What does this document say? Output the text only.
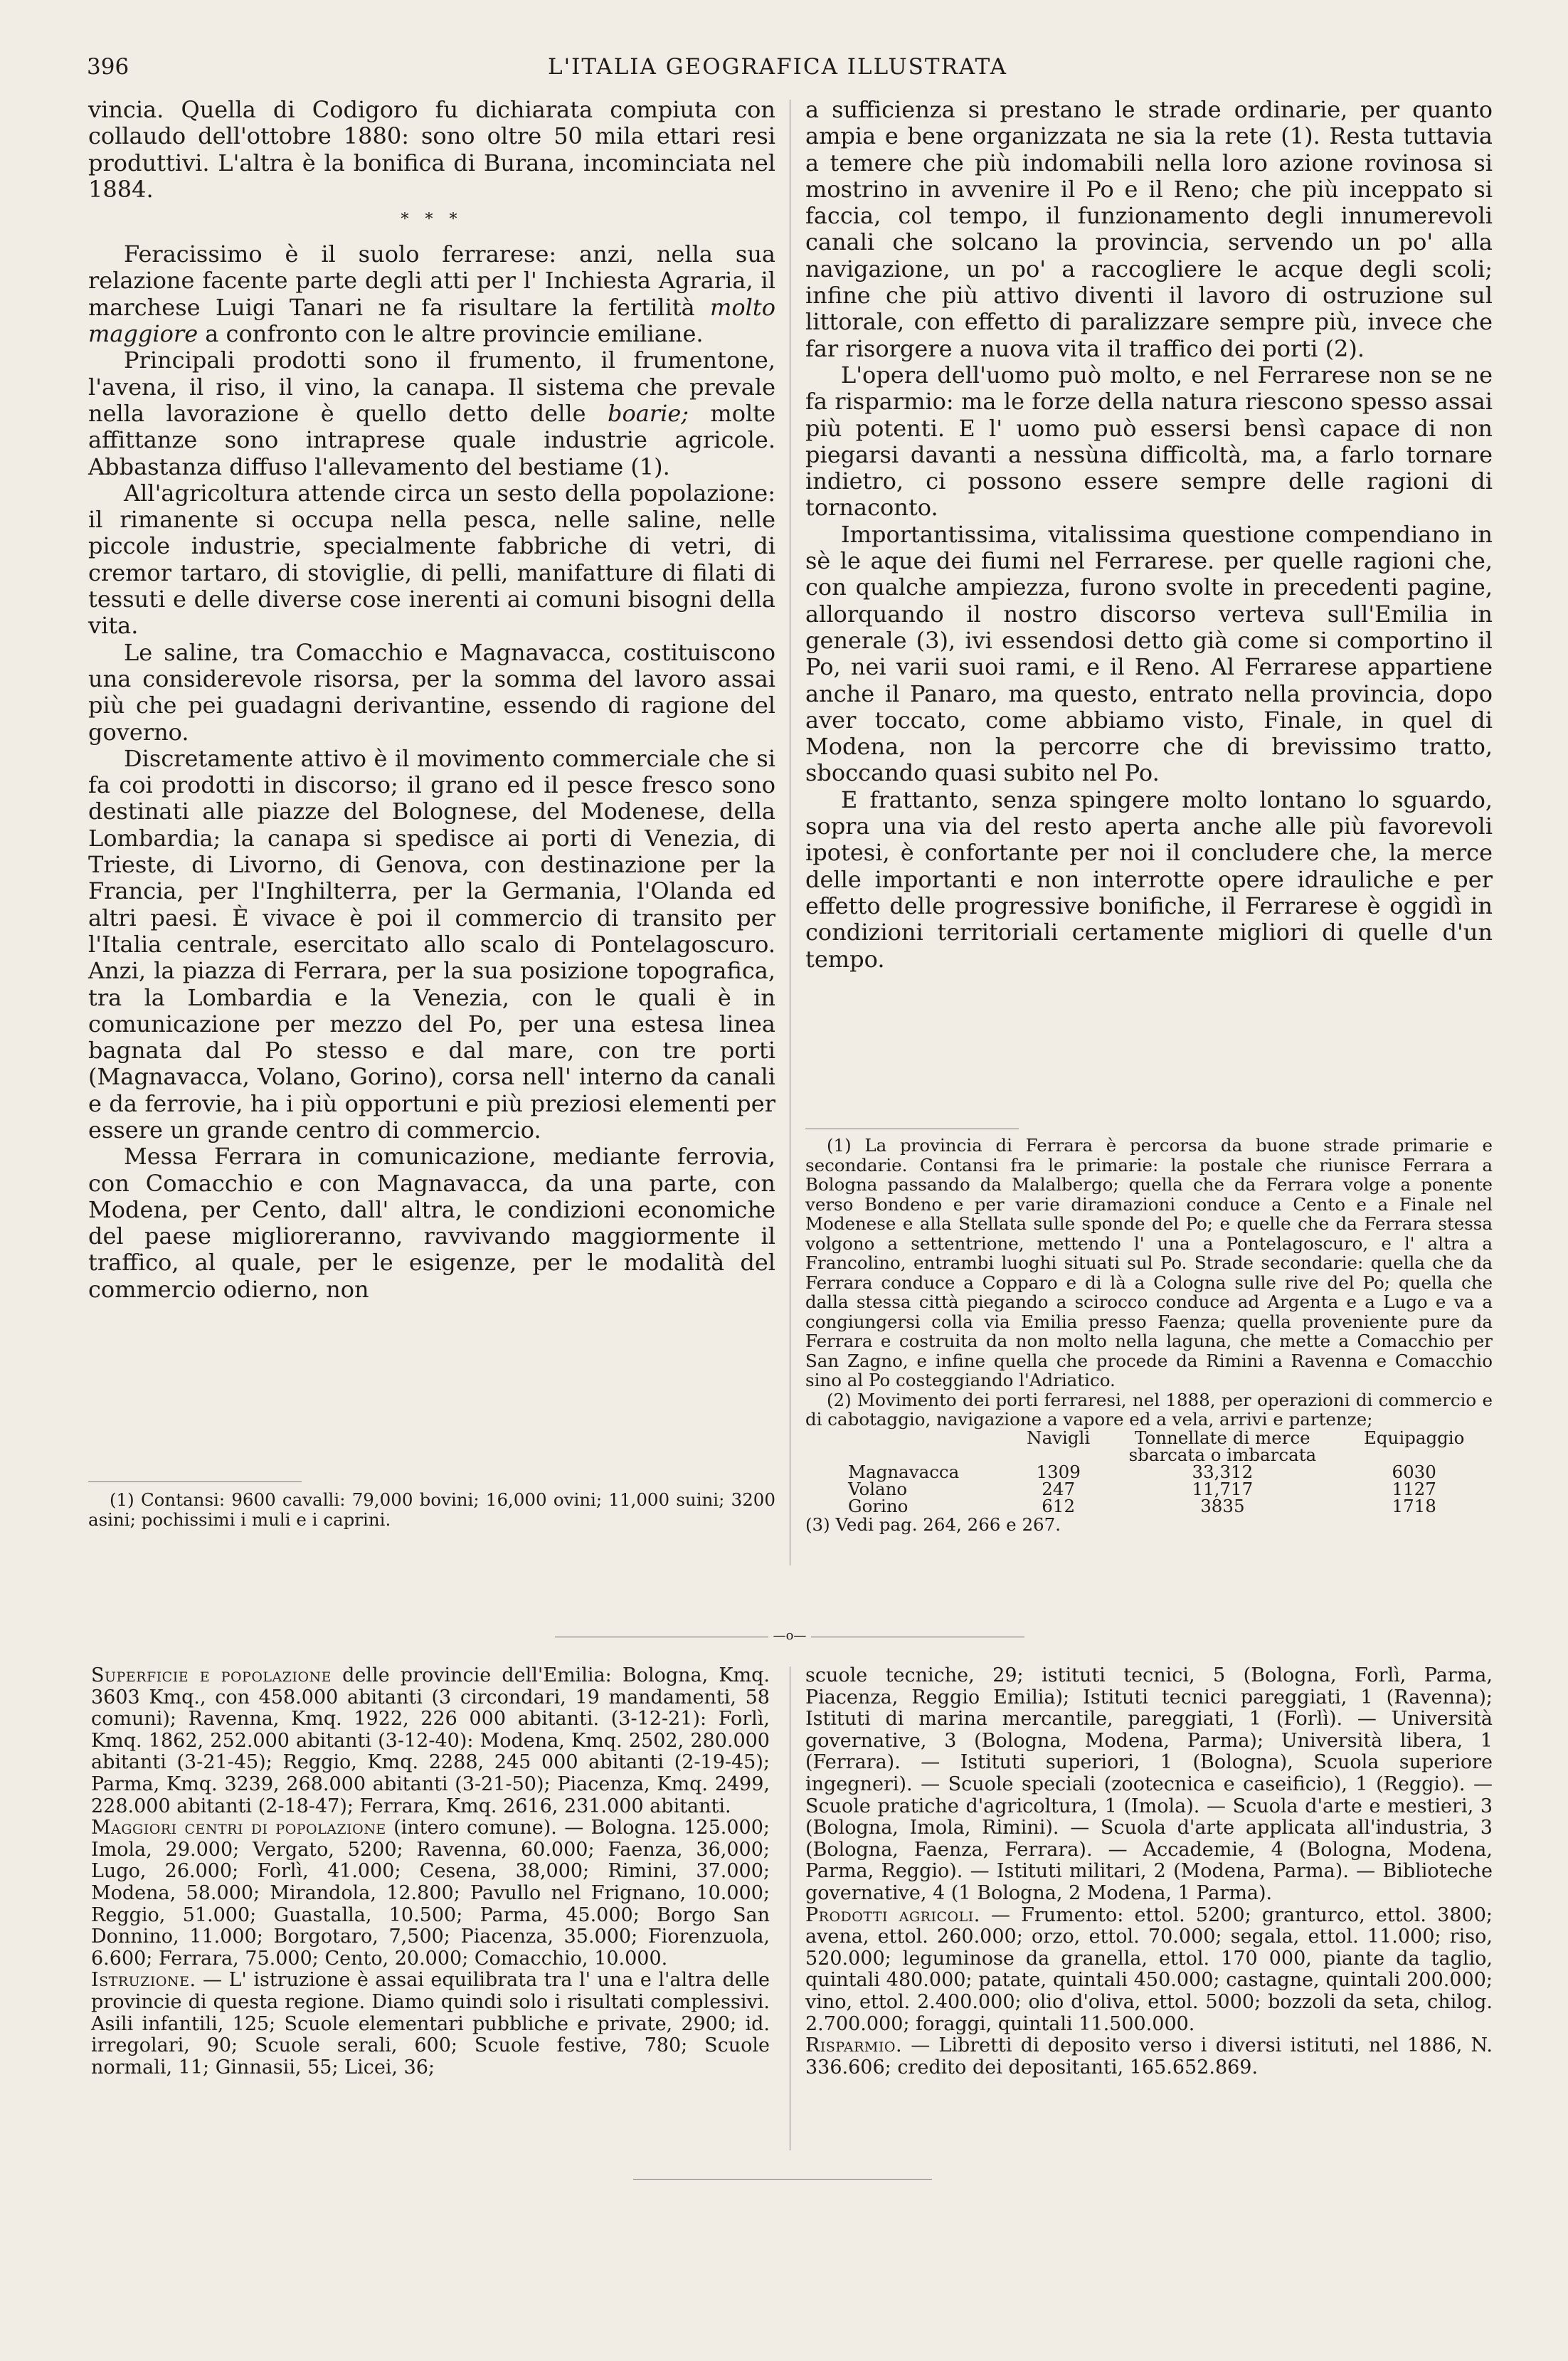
396	L'ITALIA GEOGRAFICA ILLUSTRATA

vincia. Quella di Codigoro fu dichiarata compiuta con collaudo dell'ottobre 1880: sono oltre 50 mila ettari resi produttivi. L'altra è la bonifica di Burana, incominciata nel 1884.

* * *

Feracissimo è il suolo ferrarese: anzi, nella sua relazione facente parte degli atti per l' Inchiesta Agraria, il marchese Luigi Tanari ne fa risultare la fertilità molto maggiore a confronto con le altre provincie emiliane.

Principali prodotti sono il frumento, il frumentone, l'avena, il riso, il vino, la canapa. Il sistema che prevale nella lavorazione è quello detto delle boarie; molte affittanze sono intraprese quale industrie agricole. Abbastanza diffuso l'allevamento del bestiame (1).

All'agricoltura attende circa un sesto della popolazione: il rimanente si occupa nella pesca, nelle saline, nelle piccole industrie, specialmente fabbriche di vetri, di cremor tartaro, di stoviglie, di pelli, manifatture di filati di tessuti e delle diverse cose inerenti ai comuni bisogni della vita.

Le saline, tra Comacchio e Magnavacca, costituiscono una considerevole risorsa, per la somma del lavoro assai più che pei guadagni derivantine, essendo di ragione del governo.

Discretamente attivo è il movimento commerciale che si fa coi prodotti in discorso; il grano ed il pesce fresco sono destinati alle piazze del Bolognese, del Modenese, della Lombardia; la canapa si spedisce ai porti di Venezia, di Trieste, di Livorno, di Genova, con destinazione per la Francia, per l'Inghilterra, per la Germania, l'Olanda ed altri paesi. È vivace è poi il commercio di transito per l'Italia centrale, esercitato allo scalo di Pontelagoscuro. Anzi, la piazza di Ferrara, per la sua posizione topografica, tra la Lombardia e la Venezia, con le quali è in comunicazione per mezzo del Po, per una estesa linea bagnata dal Po stesso e dal mare, con tre porti (Magnavacca, Volano, Gorino), corsa nell' interno da canali e da ferrovie, ha i più opportuni e più preziosi elementi per essere un grande centro di commercio.

Messa Ferrara in comunicazione, mediante ferrovia, con Comacchio e con Magnavacca, da una parte, con Modena, per Cento, dall' altra, le condizioni economiche del paese miglioreranno, ravvivando maggiormente il traffico, al quale, per le esigenze, per le modalità del commercio odierno, non

(1) Contansi: 9600 cavalli: 79,000 bovini; 16,000 ovini; 11,000 suini; 3200 asini; pochissimi i muli e i caprini.

a sufficienza si prestano le strade ordinarie, per quanto ampia e bene organizzata ne sia la rete (1). Resta tuttavia a temere che più indomabili nella loro azione rovinosa si mostrino in avvenire il Po e il Reno; che più inceppato si faccia, col tempo, il funzionamento degli innumerevoli canali che solcano la provincia, servendo un po' alla navigazione, un po' a raccogliere le acque degli scoli; infine che più attivo diventi il lavoro di ostruzione sul littorale, con effetto di paralizzare sempre più, invece che far risorgere a nuova vita il traffico dei porti (2).

L'opera dell'uomo può molto, e nel Ferrarese non se ne fa risparmio: ma le forze della natura riescono spesso assai più potenti. E l' uomo può essersi bensì capace di non piegarsi davanti a nessùna difficoltà, ma, a farlo tornare indietro, ci possono essere sempre delle ragioni di tornaconto.

Importantissima, vitalissima questione compendiano in sè le aque dei fiumi nel Ferrarese. per quelle ragioni che, con qualche ampiezza, furono svolte in precedenti pagine, allorquando il nostro discorso verteva sull'Emilia in generale (3), ivi essendosi detto già come si comportino il Po, nei varii suoi rami, e il Reno. Al Ferrarese appartiene anche il Panaro, ma questo, entrato nella provincia, dopo aver toccato, come abbiamo visto, Finale, in quel di Modena, non la percorre che di brevissimo tratto, sboccando quasi subito nel Po.

E frattanto, senza spingere molto lontano lo sguardo, sopra una via del resto aperta anche alle più favorevoli ipotesi, è confortante per noi il concludere che, la merce delle importanti e non interrotte opere idrauliche e per effetto delle progressive bonifiche, il Ferrarese è oggidì in condizioni territoriali certamente migliori di quelle d'un tempo.

(1) La provincia di Ferrara è percorsa da buone strade primarie e secondarie. Contansi fra le primarie: la postale che riunisce Ferrara a Bologna passando da Malalbergo; quella che da Ferrara volge a ponente verso Bondeno e per varie diramazioni conduce a Cento e a Finale nel Modenese e alla Stellata sulle sponde del Po; e quelle che da Ferrara stessa volgono a settentrione, mettendo l' una a Pontelagoscuro, e l' altra a Francolino, entrambi luoghi situati sul Po. Strade secondarie: quella che da Ferrara conduce a Copparo e di là a Cologna sulle rive del Po; quella che dalla stessa città piegando a scirocco conduce ad Argenta e a Lugo e va a congiungersi colla via Emilia presso Faenza; quella proveniente pure da Ferrara e costruita da non molto nella laguna, che mette a Comacchio per San Zagno, e infine quella che procede da Rimini a Ravenna e Comacchio sino al Po costeggiando l'Adriatico.

(2) Movimento dei porti ferraresi, nel 1888, per operazioni di commercio e di cabotaggio, navigazione a vapore ed a vela, arrivi e partenze;

	Navigli	Tonnellate di merce sbarcata o imbarcata	Equipaggio
Magnavacca	1309	33,312	6030
Volano	247	11,717	1127
Gorino	612	3835	1718

(3) Vedi pag. 264, 266 e 267.

—o—

Superficie e popolazione delle provincie dell'Emilia: Bologna, Kmq. 3603 Kmq., con 458.000 abitanti (3 circondari, 19 mandamenti, 58 comuni); Ravenna, Kmq. 1922, 226 000 abitanti. (3-12-21): Forlì, Kmq. 1862, 252.000 abitanti (3-12-40): Modena, Kmq. 2502, 280.000 abitanti (3-21-45); Reggio, Kmq. 2288, 245 000 abitanti (2-19-45); Parma, Kmq. 3239, 268.000 abitanti (3-21-50); Piacenza, Kmq. 2499, 228.000 abitanti (2-18-47); Ferrara, Kmq. 2616, 231.000 abitanti.

Maggiori centri di popolazione (intero comune). — Bologna. 125.000; Imola, 29.000; Vergato, 5200; Ravenna, 60.000; Faenza, 36,000; Lugo, 26.000; Forlì, 41.000; Cesena, 38,000; Rimini, 37.000; Modena, 58.000; Mirandola, 12.800; Pavullo nel Frignano, 10.000; Reggio, 51.000; Guastalla, 10.500; Parma, 45.000; Borgo San Donnino, 11.000; Borgotaro, 7,500; Piacenza, 35.000; Fiorenzuola, 6.600; Ferrara, 75.000; Cento, 20.000; Comacchio, 10.000.

Istruzione. — L' istruzione è assai equilibrata tra l' una e l'altra delle provincie di questa regione. Diamo quindi solo i risultati complessivi. Asili infantili, 125; Scuole elementari pubbliche e private, 2900; id. irregolari, 90; Scuole serali, 600; Scuole festive, 780; Scuole normali, 11; Ginnasii, 55; Licei, 36;

scuole tecniche, 29; istituti tecnici, 5 (Bologna, Forlì, Parma, Piacenza, Reggio Emilia); Istituti tecnici pareggiati, 1 (Ravenna); Istituti di marina mercantile, pareggiati, 1 (Forlì). — Università governative, 3 (Bologna, Modena, Parma); Università libera, 1 (Ferrara). — Istituti superiori, 1 (Bologna), Scuola superiore ingegneri). — Scuole speciali (zootecnica e caseificio), 1 (Reggio). — Scuole pratiche d'agricoltura, 1 (Imola). — Scuola d'arte e mestieri, 3 (Bologna, Imola, Rimini). — Scuola d'arte applicata all'industria, 3 (Bologna, Faenza, Ferrara). — Accademie, 4 (Bologna, Modena, Parma, Reggio). — Istituti militari, 2 (Modena, Parma). — Biblioteche governative, 4 (1 Bologna, 2 Modena, 1 Parma).

Prodotti agricoli. — Frumento: ettol. 5200; granturco, ettol. 3800; avena, ettol. 260.000; orzo, ettol. 70.000; segala, ettol. 11.000; riso, 520.000; leguminose da granella, ettol. 170 000, piante da taglio, quintali 480.000; patate, quintali 450.000; castagne, quintali 200.000; vino, ettol. 2.400.000; olio d'oliva, ettol. 5000; bozzoli da seta, chilog. 2.700.000; foraggi, quintali 11.500.000.

Risparmio. — Libretti di deposito verso i diversi istituti, nel 1886, N. 336.606; credito dei depositanti, 165.652.869.
